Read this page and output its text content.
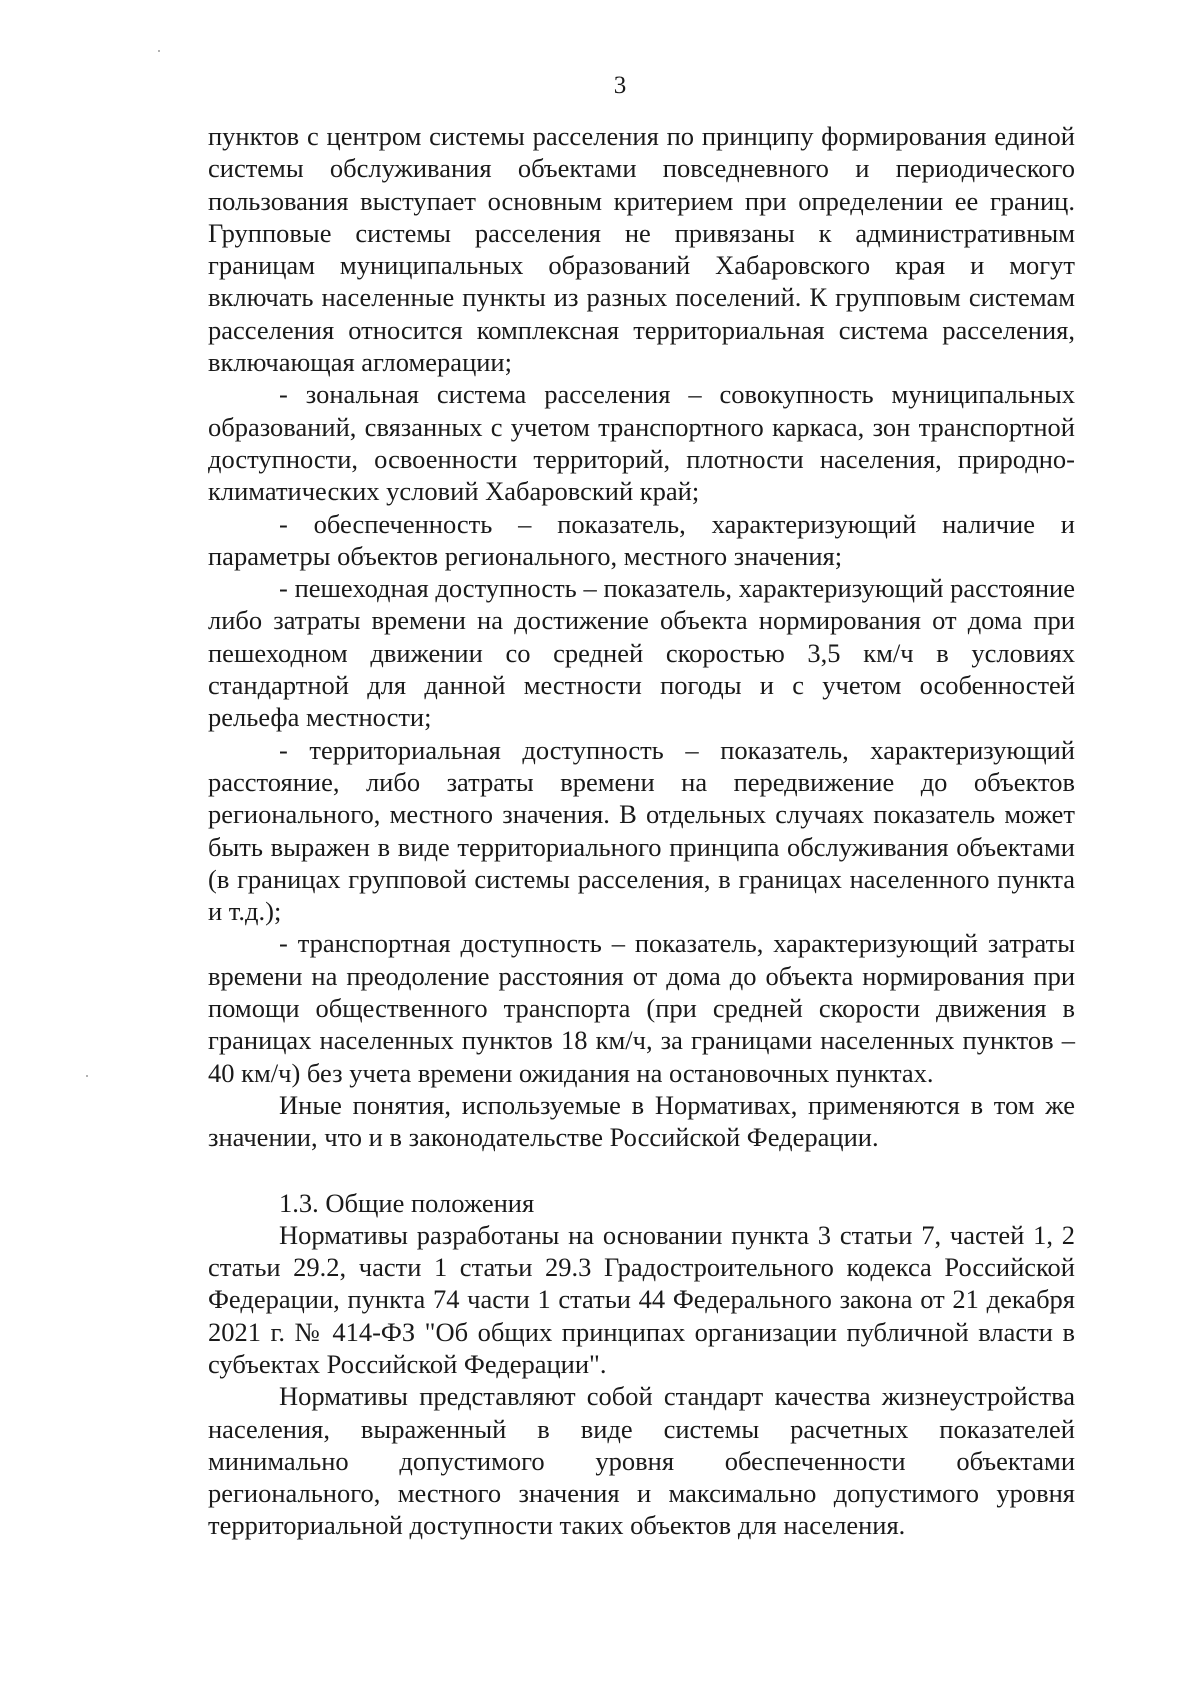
3

пунктов с центром системы расселения по принципу формирования единой системы обслуживания объектами повседневного и периодического пользования выступает основным критерием при определении ее границ. Групповые системы расселения не привязаны к административным границам муниципальных образований Хабаровского края и могут включать населенные пункты из разных поселений. К групповым системам расселения относится комплексная территориальная система расселения, включающая агломерации;

- зональная система расселения – совокупность муниципальных образований, связанных с учетом транспортного каркаса, зон транспортной доступности, освоенности территорий, плотности населения, природно-климатических условий Хабаровский край;

- обеспеченность – показатель, характеризующий наличие и параметры объектов регионального, местного значения;

- пешеходная доступность – показатель, характеризующий расстояние либо затраты времени на достижение объекта нормирования от дома при пешеходном движении со средней скоростью 3,5 км/ч в условиях стандартной для данной местности погоды и с учетом особенностей рельефа местности;

- территориальная доступность – показатель, характеризующий расстояние, либо затраты времени на передвижение до объектов регионального, местного значения. В отдельных случаях показатель может быть выражен в виде территориального принципа обслуживания объектами (в границах групповой системы расселения, в границах населенного пункта и т.д.);

- транспортная доступность – показатель, характеризующий затраты времени на преодоление расстояния от дома до объекта нормирования при помощи общественного транспорта (при средней скорости движения в границах населенных пунктов 18 км/ч, за границами населенных пунктов – 40 км/ч) без учета времени ожидания на остановочных пунктах.

Иные понятия, используемые в Нормативах, применяются в том же значении, что и в законодательстве Российской Федерации.

1.3. Общие положения

Нормативы разработаны на основании пункта 3 статьи 7, частей 1, 2 статьи 29.2, части 1 статьи 29.3 Градостроительного кодекса Российской Федерации, пункта 74 части 1 статьи 44 Федерального закона от 21 декабря 2021 г. № 414-ФЗ "Об общих принципах организации публичной власти в субъектах Российской Федерации".

Нормативы представляют собой стандарт качества жизнеустройства населения, выраженный в виде системы расчетных показателей минимально допустимого уровня обеспеченности объектами регионального, местного значения и максимально допустимого уровня территориальной доступности таких объектов для населения.
